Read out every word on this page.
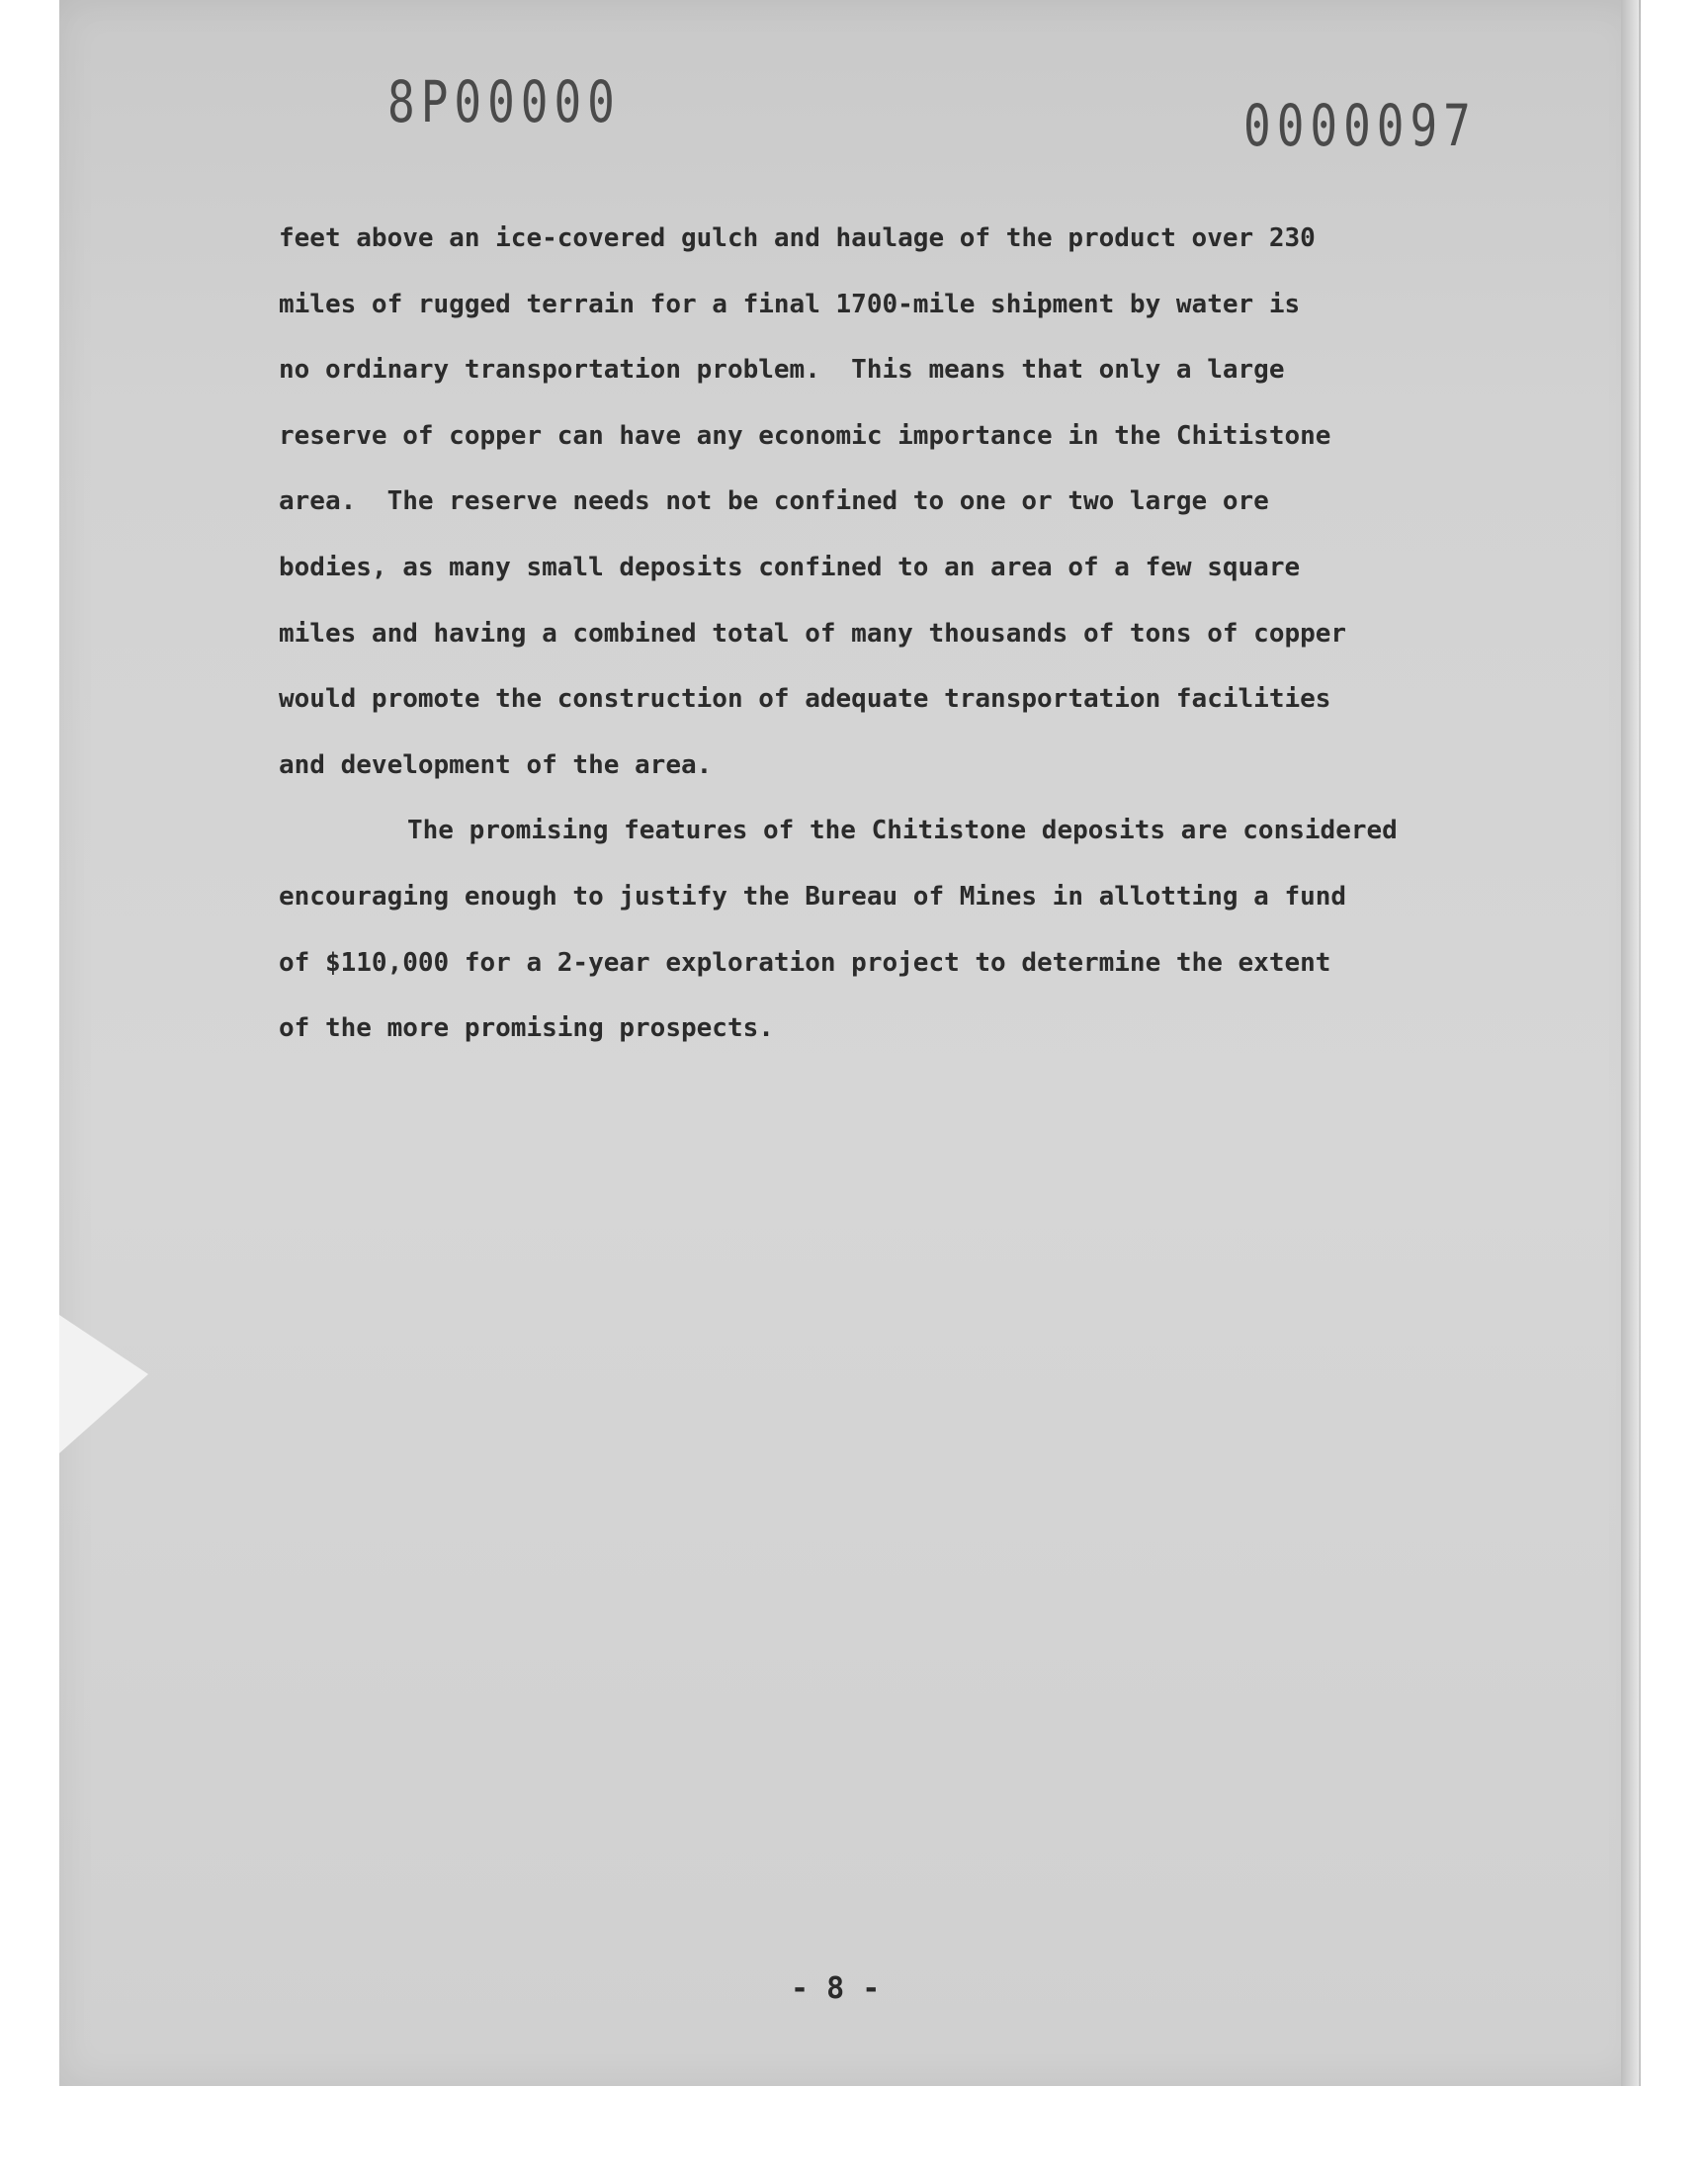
8P00000	0000097

feet above an ice-covered gulch and haulage of the product over 230
miles of rugged terrain for a final 1700-mile shipment by water is
no ordinary transportation problem.  This means that only a large
reserve of copper can have any economic importance in the Chitistone
area.  The reserve needs not be confined to one or two large ore
bodies, as many small deposits confined to an area of a few square
miles and having a combined total of many thousands of tons of copper
would promote the construction of adequate transportation facilities
and development of the area.

The promising features of the Chitistone deposits are considered
encouraging enough to justify the Bureau of Mines in allotting a fund
of $110,000 for a 2-year exploration project to determine the extent
of the more promising prospects.

- 8 -
